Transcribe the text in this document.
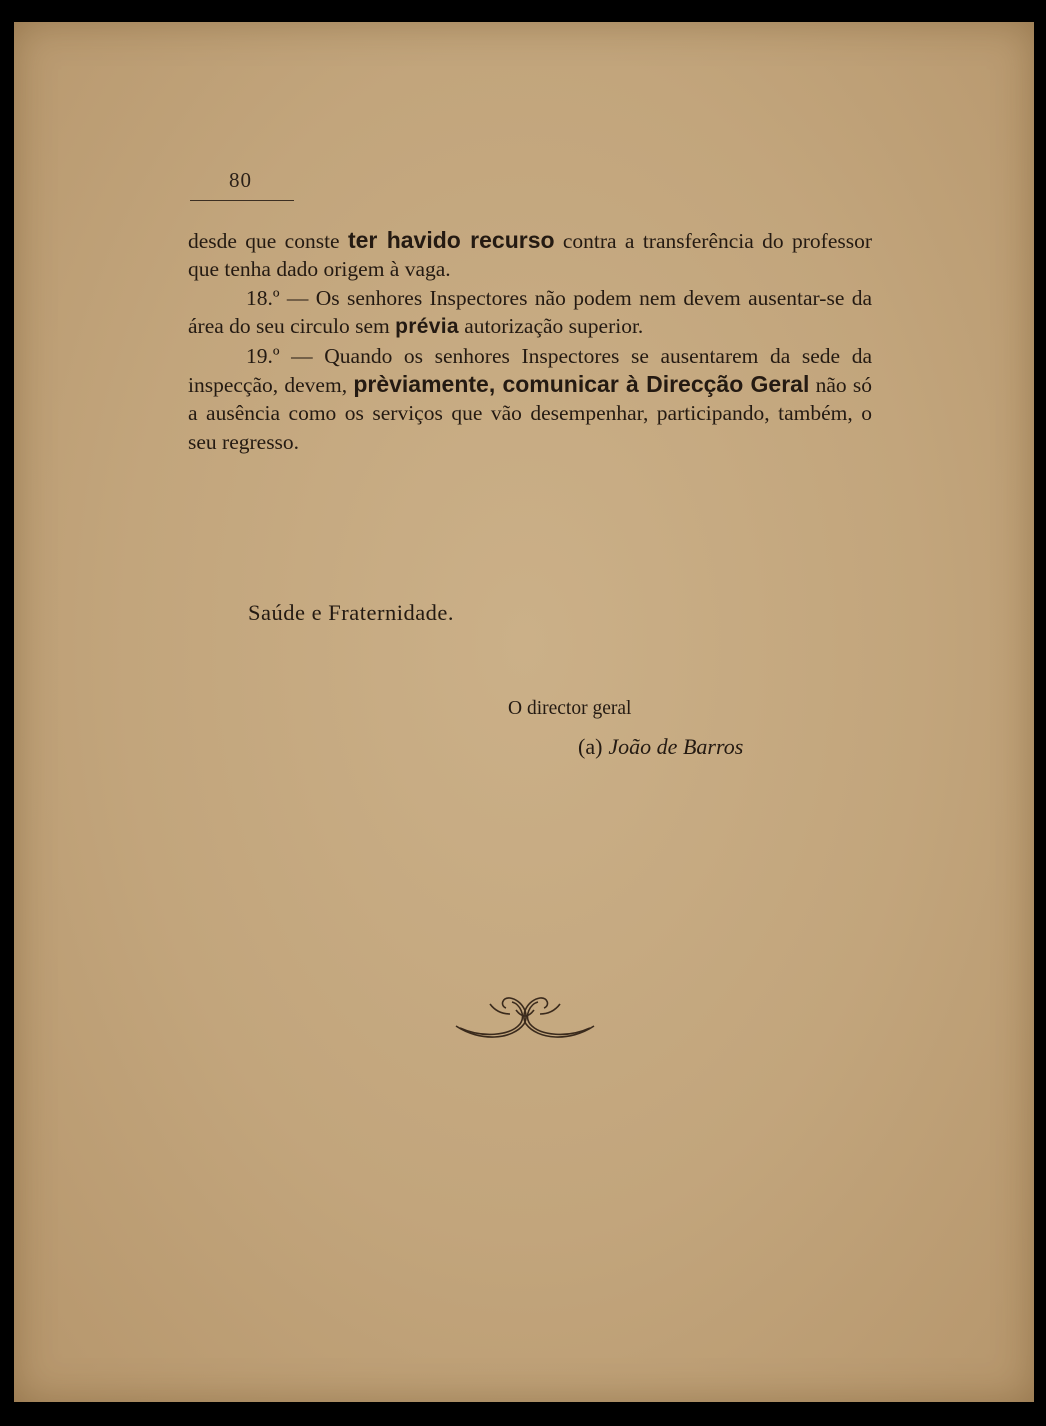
80

desde que conste ter havido recurso contra a transferência do professor que tenha dado origem à vaga.

18.º — Os senhores Inspectores não podem nem devem ausentar-se da área do seu circulo sem prévia autorização superior.

19.º — Quando os senhores Inspectores se ausentarem da sede da inspecção, devem, prèviamente, comunicar à Direcção Geral não só a ausência como os serviços que vão desempenhar, participando, também, o seu regresso.

Saúde e Fraternidade.
O director geral
(a) João de Barros
